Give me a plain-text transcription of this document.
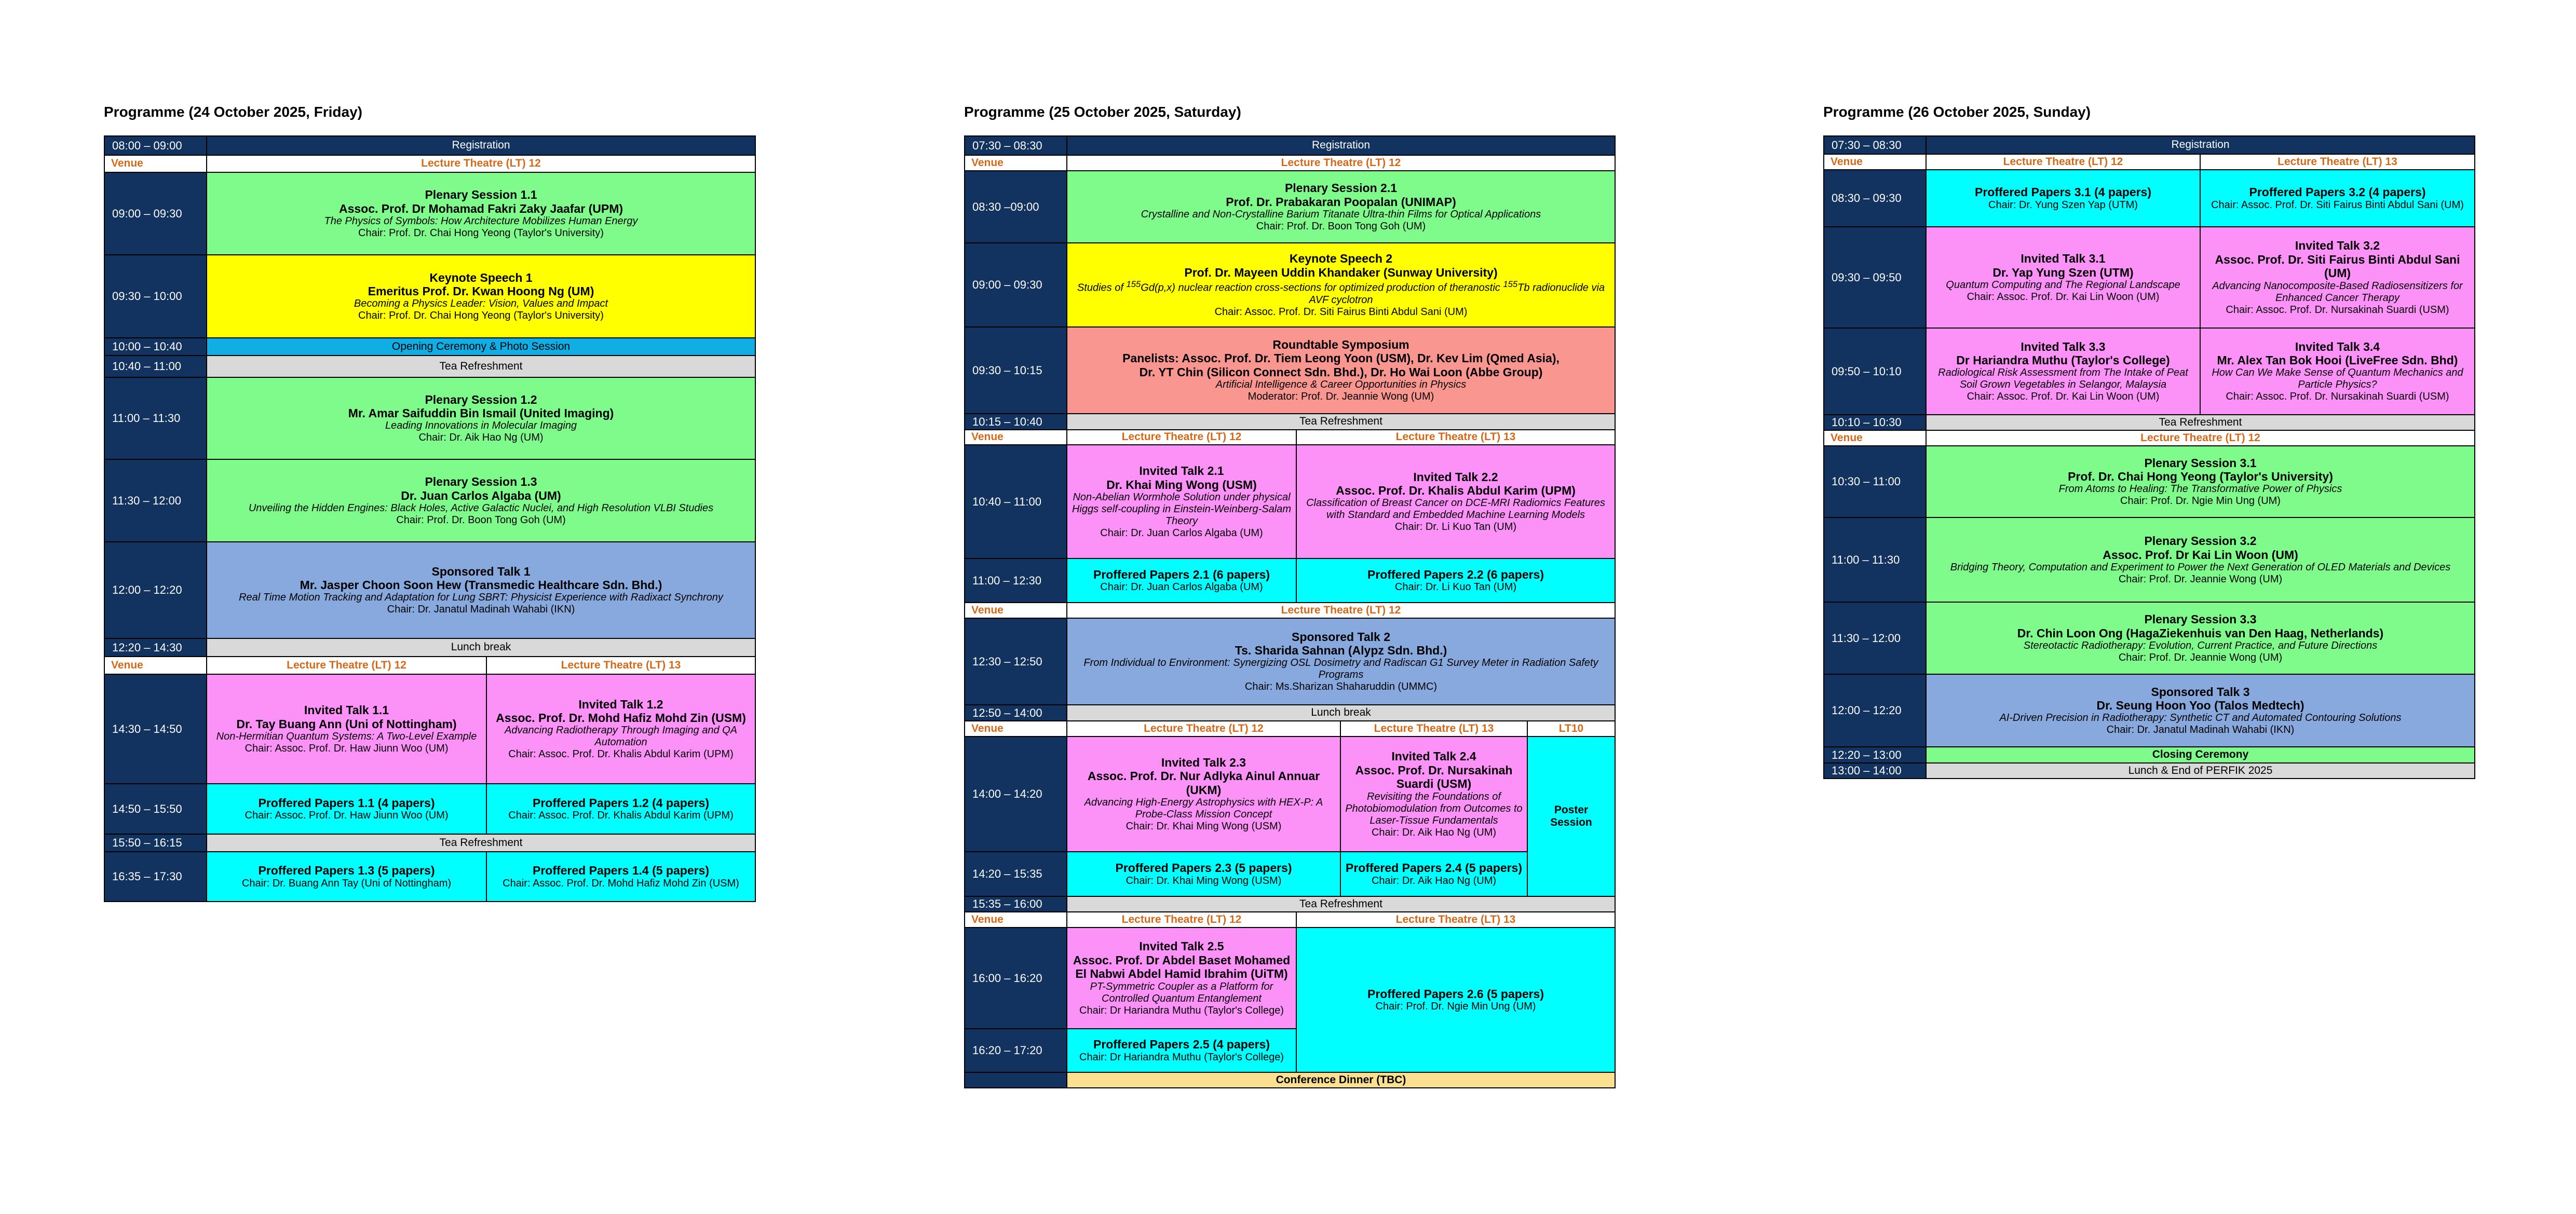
Programme (24 October 2025, Friday)
08:00 – 09:00	Registration	
Venue	Lecture Theatre (LT) 12	
09:00 – 09:30	Plenary Session 1.1
Assoc. Prof. Dr Mohamad Fakri Zaky Jaafar (UPM)
The Physics of Symbols: How Architecture Mobilizes Human Energy
Chair: Prof. Dr. Chai Hong Yeong (Taylor's University)	

09:30 – 10:00	Keynote Speech 1
Emeritus Prof. Dr. Kwan Hoong Ng (UM)
Becoming a Physics Leader: Vision, Values and Impact
Chair: Prof. Dr. Chai Hong Yeong (Taylor's University)	

10:00 – 10:40	Opening Ceremony & Photo Session	
10:40 – 11:00	Tea Refreshment	
11:00 – 11:30	Plenary Session 1.2
Mr. Amar Saifuddin Bin Ismail (United Imaging)
Leading Innovations in Molecular Imaging
Chair: Dr. Aik Hao Ng (UM)	

11:30 – 12:00	Plenary Session 1.3
Dr. Juan Carlos Algaba (UM)
Unveiling the Hidden Engines: Black Holes, Active Galactic Nuclei, and High Resolution VLBI Studies
Chair: Prof. Dr. Boon Tong Goh (UM)	

12:00 – 12:20	Sponsored Talk 1
Mr. Jasper Choon Soon Hew (Transmedic Healthcare Sdn. Bhd.)
Real Time Motion Tracking and Adaptation for Lung SBRT: Physicist Experience with Radixact Synchrony
Chair: Dr. Janatul Madinah Wahabi (IKN)	

12:20 – 14:30	Lunch break	
Venue	Lecture Theatre (LT) 12	Lecture Theatre (LT) 13
14:30 – 14:50	Invited Talk 1.1
Dr. Tay Buang Ann (Uni of Nottingham)
Non-Hermitian Quantum Systems: A Two-Level Example
Chair: Assoc. Prof. Dr. Haw Jiunn Woo (UM)	Invited Talk 1.2
Assoc. Prof. Dr. Mohd Hafiz Mohd Zin (USM)
Advancing Radiotherapy Through Imaging and QA Automation
Chair: Assoc. Prof. Dr. Khalis Abdul Karim (UPM)

14:50 – 15:50	Proffered Papers 1.1 (4 papers)
Chair: Assoc. Prof. Dr. Haw Jiunn Woo (UM)	Proffered Papers 1.2 (4 papers)
Chair: Assoc. Prof. Dr. Khalis Abdul Karim (UPM)

15:50 – 16:15	Tea Refreshment	
16:35 – 17:30	Proffered Papers 1.3 (5 papers)
Chair: Dr. Buang Ann Tay (Uni of Nottingham)	Proffered Papers 1.4 (5 papers)
Chair: Assoc. Prof. Dr. Mohd Hafiz Mohd Zin (USM)
Programme (25 October 2025, Saturday)
07:30 – 08:30	Registration			
Venue	Lecture Theatre (LT) 12			
08:30 –09:00	Plenary Session 2.1
Prof. Dr. Prabakaran Poopalan (UNIMAP)
Crystalline and Non-Crystalline Barium Titanate Ultra-thin Films for Optical Applications
Chair: Prof. Dr. Boon Tong Goh (UM)			

09:00 – 09:30	Keynote Speech 2
Prof. Dr. Mayeen Uddin Khandaker (Sunway University)
Studies of $^{155}$Gd(p,x) nuclear reaction cross-sections for optimized production of theranostic $^{155}$Tb radionuclide via AVF cyclotron
Chair: Assoc. Prof. Dr. Siti Fairus Binti Abdul Sani (UM)			

09:30 – 10:15	Roundtable Symposium
Panelists: Assoc. Prof. Dr. Tiem Leong Yoon (USM), Dr. Kev Lim (Qmed Asia),
Dr. YT Chin (Silicon Connect Sdn. Bhd.), Dr. Ho Wai Loon (Abbe Group)
Artificial Intelligence & Career Opportunities in Physics
Moderator: Prof. Dr. Jeannie Wong (UM)			

10:15 – 10:40	Tea Refreshment			
Venue	Lecture Theatre (LT) 12	Lecture Theatre (LT) 13		
10:40 – 11:00	Invited Talk 2.1
Dr. Khai Ming Wong (USM)
Non-Abelian Wormhole Solution under physical Higgs self-coupling in Einstein-Weinberg-Salam Theory
Chair: Dr. Juan Carlos Algaba (UM)	Invited Talk 2.2
Assoc. Prof. Dr. Khalis Abdul Karim (UPM)
Classification of Breast Cancer on DCE-MRI Radiomics Features with Standard and Embedded Machine Learning Models
Chair: Dr. Li Kuo Tan (UM)		

11:00 – 12:30	Proffered Papers 2.1 (6 papers)
Chair: Dr. Juan Carlos Algaba (UM)	Proffered Papers 2.2 (6 papers)
Chair: Dr. Li Kuo Tan (UM)		

Venue	Lecture Theatre (LT) 12			
12:30 – 12:50	Sponsored Talk 2
Ts. Sharida Sahnan (Alypz Sdn. Bhd.)
From Individual to Environment: Synergizing OSL Dosimetry and Radiscan G1 Survey Meter in Radiation Safety Programs
Chair: Ms.Sharizan Shaharuddin (UMMC)			

12:50 – 14:00	Lunch break			
Venue	Lecture Theatre (LT) 12		Lecture Theatre (LT) 13	LT10
14:00 – 14:20	Invited Talk 2.3
Assoc. Prof. Dr. Nur Adlyka Ainul Annuar (UKM)
Advancing High-Energy Astrophysics with HEX-P: A Probe-Class Mission Concept
Chair: Dr. Khai Ming Wong (USM)		Invited Talk 2.4
Assoc. Prof. Dr. Nursakinah Suardi (USM)
Revisiting the Foundations of Photobiomodulation from Outcomes to Laser-Tissue Fundamentals
Chair: Dr. Aik Hao Ng (UM)	Poster Session
14:20 – 15:35	Proffered Papers 2.3 (5 papers)
Chair: Dr. Khai Ming Wong (USM)		Proffered Papers 2.4 (5 papers)
Chair: Dr. Aik Hao Ng (UM)	

15:35 – 16:00	Tea Refreshment			
Venue	Lecture Theatre (LT) 12	Lecture Theatre (LT) 13		
16:00 – 16:20	Invited Talk 2.5
Assoc. Prof. Dr Abdel Baset Mohamed El Nabwi Abdel Hamid Ibrahim (UiTM)
PT-Symmetric Coupler as a Platform for Controlled Quantum Entanglement
Chair: Dr Hariandra Muthu (Taylor's College)	Proffered Papers 2.6 (5 papers)
Chair: Prof. Dr. Ngie Min Ung (UM)		

16:20 – 17:20	Proffered Papers 2.5 (4 papers)
Chair: Dr Hariandra Muthu (Taylor's College)			

	Conference Dinner (TBC)			
Programme (26 October 2025, Sunday)
07:30 – 08:30	Registration	
Venue	Lecture Theatre (LT) 12	Lecture Theatre (LT) 13
08:30 – 09:30	Proffered Papers 3.1 (4 papers)
Chair: Dr. Yung Szen Yap (UTM)	Proffered Papers 3.2 (4 papers)
Chair: Assoc. Prof. Dr. Siti Fairus Binti Abdul Sani (UM)

09:30 – 09:50	Invited Talk 3.1
Dr. Yap Yung Szen (UTM)
Quantum Computing and The Regional Landscape
Chair: Assoc. Prof. Dr. Kai Lin Woon (UM)	Invited Talk 3.2
Assoc. Prof. Dr. Siti Fairus Binti Abdul Sani (UM)
Advancing Nanocomposite-Based Radiosensitizers for Enhanced Cancer Therapy
Chair: Assoc. Prof. Dr. Nursakinah Suardi (USM)

09:50 – 10:10	Invited Talk 3.3
Dr Hariandra Muthu (Taylor's College)
Radiological Risk Assessment from The Intake of Peat Soil Grown Vegetables in Selangor, Malaysia
Chair: Assoc. Prof. Dr. Kai Lin Woon (UM)	Invited Talk 3.4
Mr. Alex Tan Bok Hooi (LiveFree Sdn. Bhd)
How Can We Make Sense of Quantum Mechanics and Particle Physics?
Chair: Assoc. Prof. Dr. Nursakinah Suardi (USM)

10:10 – 10:30	Tea Refreshment	
Venue	Lecture Theatre (LT) 12	
10:30 – 11:00	Plenary Session 3.1
Prof. Dr. Chai Hong Yeong (Taylor's University)
From Atoms to Healing: The Transformative Power of Physics
Chair: Prof. Dr. Ngie Min Ung (UM)	

11:00 – 11:30	Plenary Session 3.2
Assoc. Prof. Dr Kai Lin Woon (UM)
Bridging Theory, Computation and Experiment to Power the Next Generation of OLED Materials and Devices
Chair: Prof. Dr. Jeannie Wong (UM)	

11:30 – 12:00	Plenary Session 3.3
Dr. Chin Loon Ong (HagaZiekenhuis van Den Haag, Netherlands)
Stereotactic Radiotherapy: Evolution, Current Practice, and Future Directions
Chair: Prof. Dr. Jeannie Wong (UM)	

12:00 – 12:20	Sponsored Talk 3
Dr. Seung Hoon Yoo (Talos Medtech)
AI-Driven Precision in Radiotherapy: Synthetic CT and Automated Contouring Solutions
Chair: Dr. Janatul Madinah Wahabi (IKN)	

12:20 – 13:00	Closing Ceremony	
13:00 – 14:00	Lunch & End of PERFIK 2025	
